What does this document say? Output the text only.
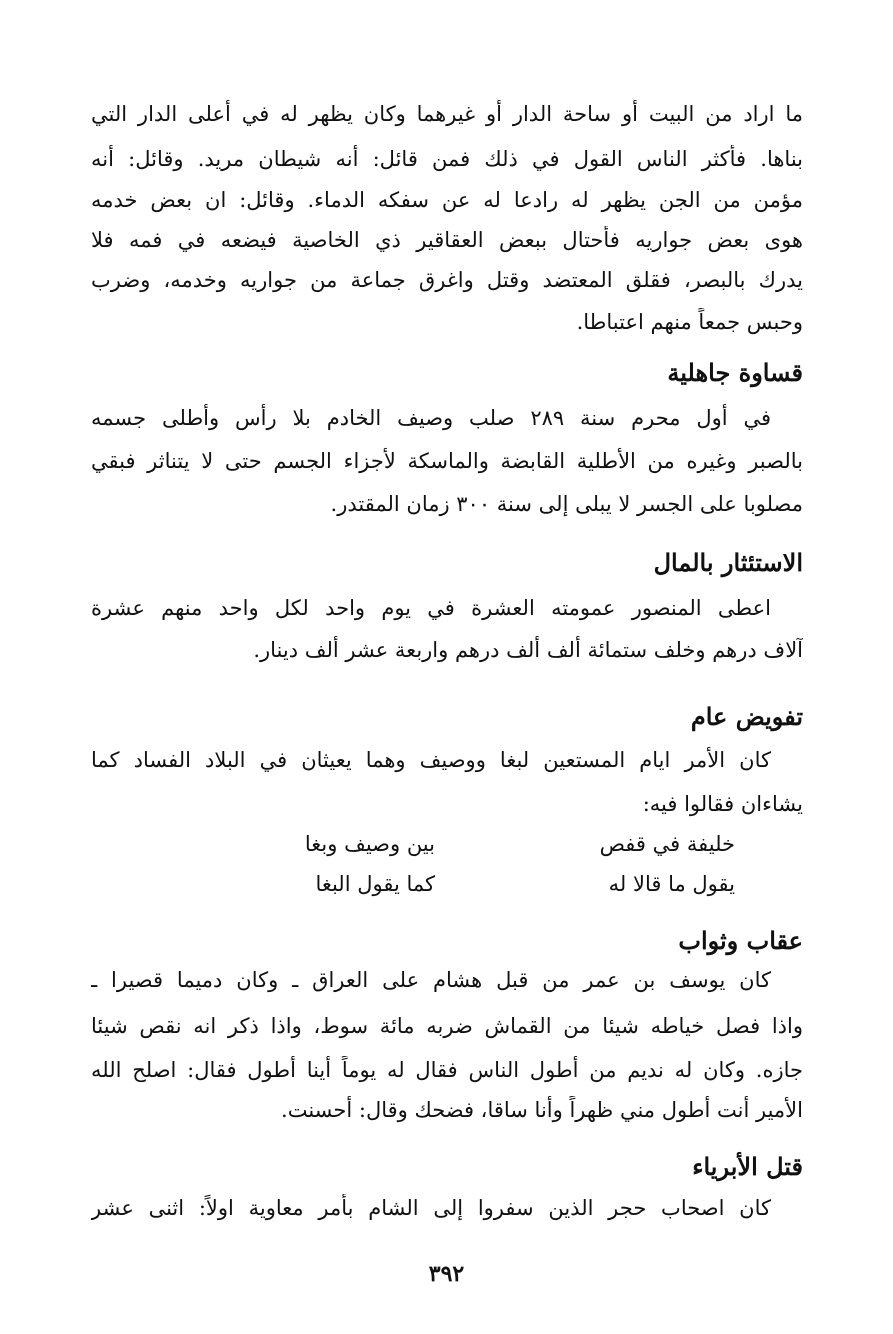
ما اراد من البيت أو ساحة الدار أو غيرهما وكان يظهر له في أعلى الدار التي
بناها. فأكثر الناس القول في ذلك فمن قائل: أنه شيطان مريد. وقائل: أنه
مؤمن من الجن يظهر له رادعا له عن سفكه الدماء. وقائل: ان بعض خدمه
هوى بعض جواريه فأحتال ببعض العقاقير ذي الخاصية فيضعه في فمه فلا
يدرك بالبصر، فقلق المعتضد وقتل واغرق جماعة من جواريه وخدمه، وضرب
وحبس جمعاً منهم اعتباطا.
قساوة جاهلية
في أول محرم سنة ٢٨٩ صلب وصيف الخادم بلا رأس وأطلى جسمه
بالصبر وغيره من الأطلية القابضة والماسكة لأجزاء الجسم حتى لا يتناثر فبقي
مصلوبا على الجسر لا يبلى إلى سنة ٣٠٠ زمان المقتدر.
الاستئثار بالمال
اعطى المنصور عمومته العشرة في يوم واحد لكل واحد منهم عشرة
آلاف درهم وخلف ستمائة ألف ألف درهم واربعة عشر ألف دينار.
تفويض عام
كان الأمر ايام المستعين لبغا ووصيف وهما يعيثان في البلاد الفساد كما
يشاءان فقالوا فيه:
خليفة في قفص
بين وصيف وبغا
يقول ما قالا له
كما يقول البغا
عقاب وثواب
كان يوسف بن عمر من قبل هشام على العراق ـ وكان دميما قصيرا ـ
واذا فصل خياطه شيئا من القماش ضربه مائة سوط، واذا ذكر انه نقص شيئا
جازه. وكان له نديم من أطول الناس فقال له يوماً أينا أطول فقال: اصلح الله
الأمير أنت أطول مني ظهراً وأنا ساقا، فضحك وقال: أحسنت.
قتل الأبرياء
كان اصحاب حجر الذين سفروا إلى الشام بأمر معاوية اولاً: اثنى عشر
٣٩٢
